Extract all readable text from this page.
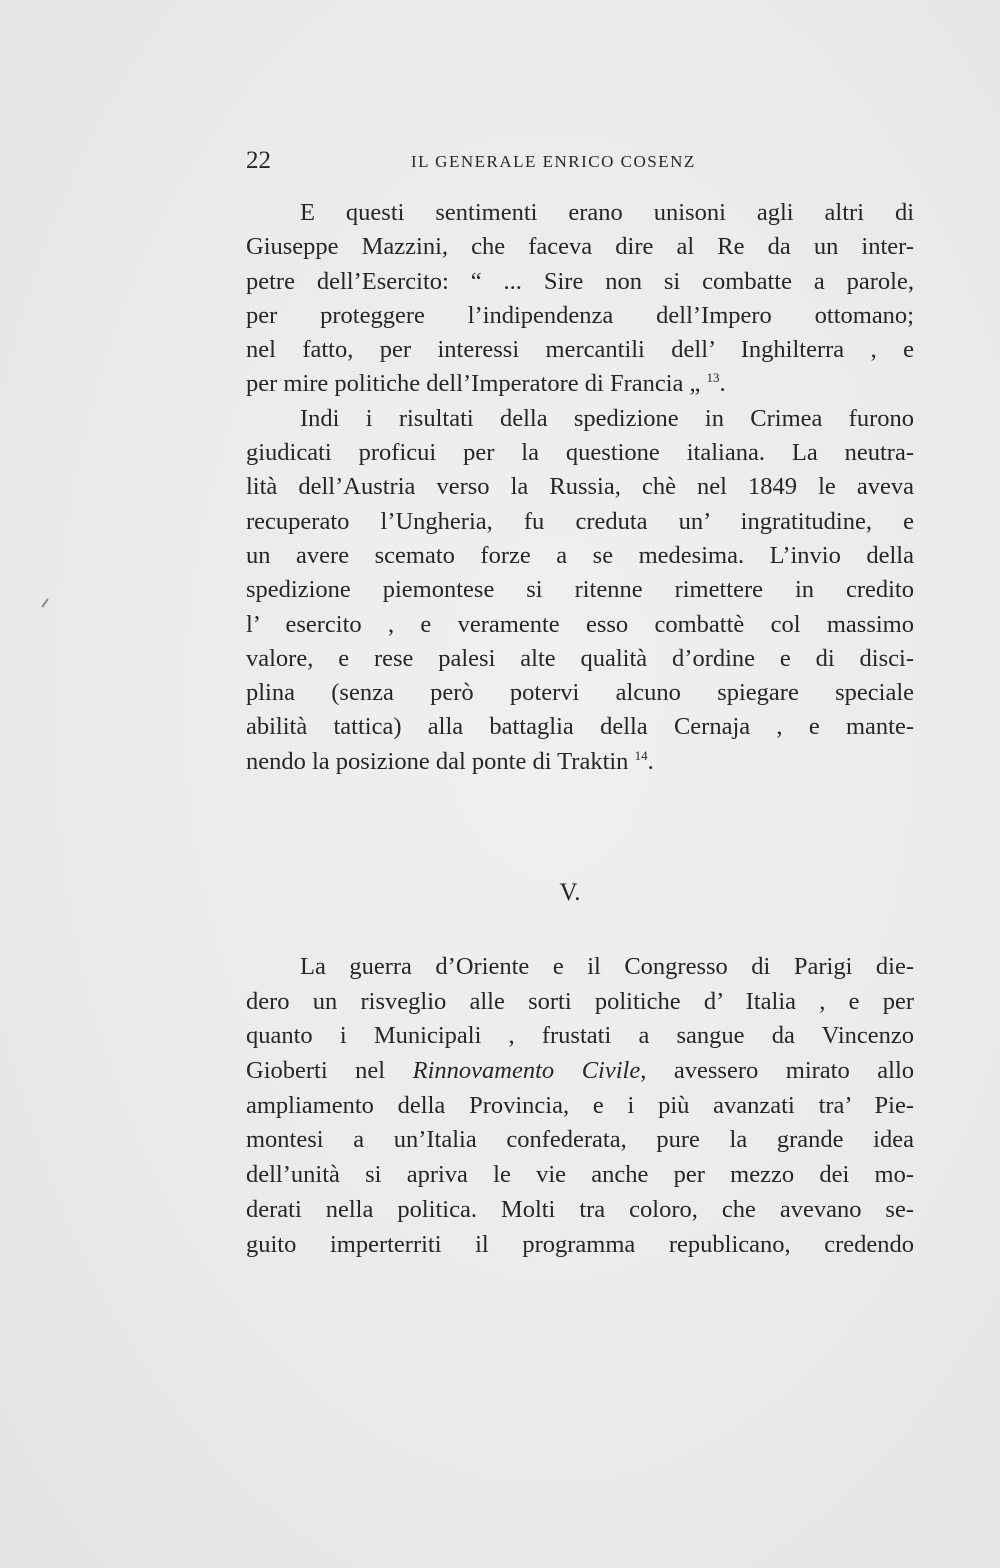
22	IL GENERALE ENRICO COSENZ
E questi sentimenti erano unisoni agli altri di
Giuseppe Mazzini, che faceva dire al Re da un inter-
petre dell’Esercito: “ ... Sire non si combatte a parole,
per proteggere l’indipendenza dell’Impero ottomano;
nel fatto, per interessi mercantili dell’ Inghilterra , e
per mire politiche dell’Imperatore di Francia „ $^{13}$.
Indi i risultati della spedizione in Crimea furono
giudicati proficui per la questione italiana. La neutra-
lità dell’Austria verso la Russia, chè nel 1849 le aveva
recuperato l’Ungheria, fu creduta un’ ingratitudine, e
un avere scemato forze a se medesima. L’invio della
spedizione piemontese si ritenne rimettere in credito
l’ esercito , e veramente esso combattè col massimo
valore, e rese palesi alte qualità d’ordine e di disci-
plina (senza però potervi alcuno spiegare speciale
abilità tattica) alla battaglia della Cernaja , e mante-
nendo la posizione dal ponte di Traktin $^{14}$.
V.
La guerra d’Oriente e il Congresso di Parigi die-
dero un risveglio alle sorti politiche d’ Italia , e per
quanto i Municipali , frustati a sangue da Vincenzo
Gioberti nel Rinnovamento Civile, avessero mirato allo
ampliamento della Provincia, e i più avanzati tra’ Pie-
montesi a un’Italia confederata, pure la grande idea
dell’unità si apriva le vie anche per mezzo dei mo-
derati nella politica. Molti tra coloro, che avevano se-
guito imperterriti il programma republicano, credendo
